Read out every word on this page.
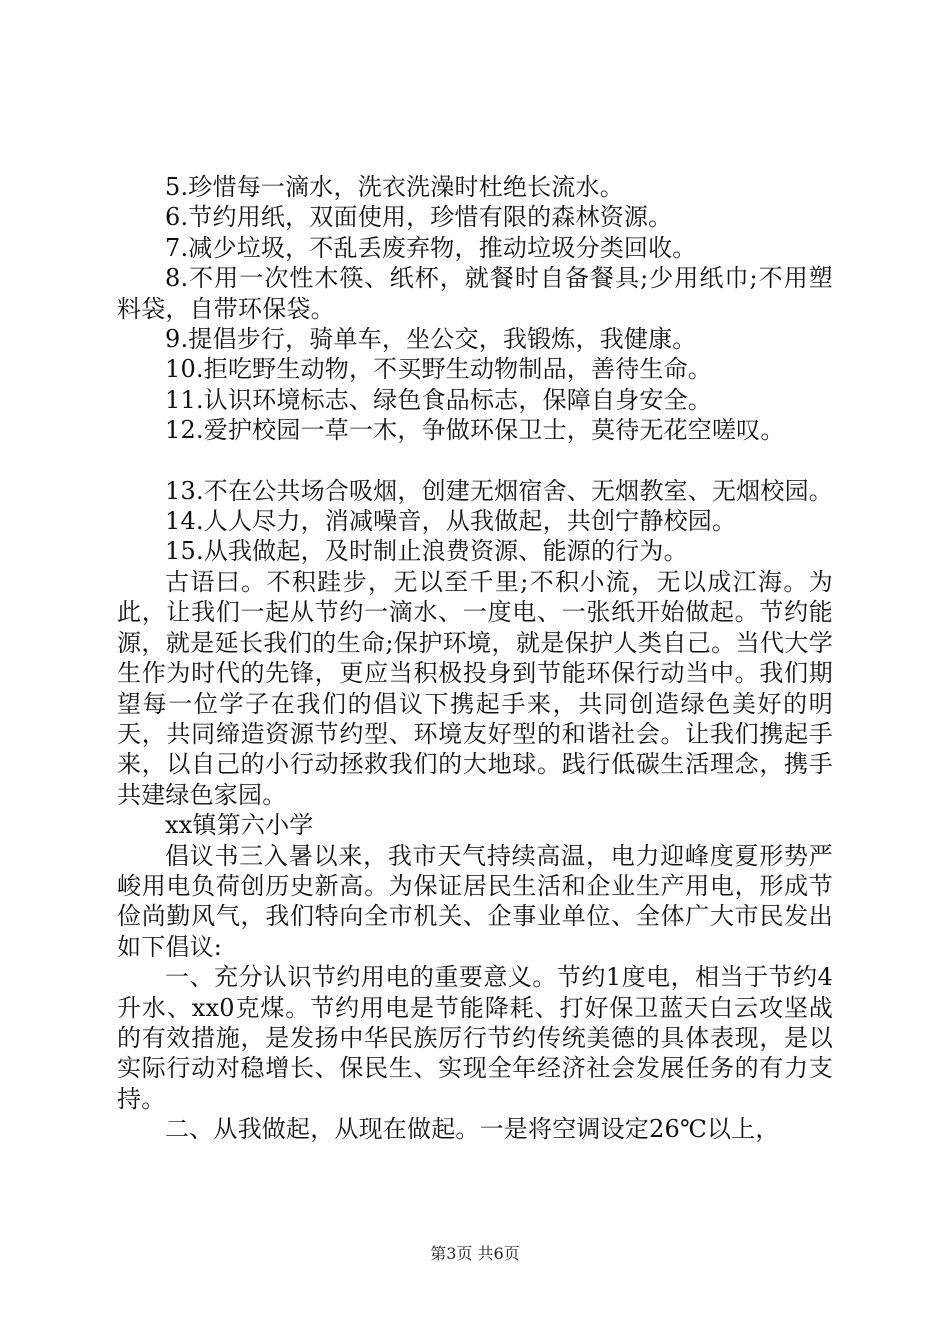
5.珍惜每一滴水，洗衣洗澡时杜绝长流水。

6.节约用纸，双面使用，珍惜有限的森林资源。

7.减少垃圾，不乱丢废弃物，推动垃圾分类回收。

8.不用一次性木筷、纸杯，就餐时自备餐具;少用纸巾;不用塑料袋，自带环保袋。

9.提倡步行，骑单车，坐公交，我锻炼，我健康。

10.拒吃野生动物，不买野生动物制品，善待生命。

11.认识环境标志、绿色食品标志，保障自身安全。

12.爱护校园一草一木，争做环保卫士，莫待无花空嗟叹。

13.不在公共场合吸烟，创建无烟宿舍、无烟教室、无烟校园。

14.人人尽力，消减噪音，从我做起，共创宁静校园。

15.从我做起，及时制止浪费资源、能源的行为。

古语曰。不积跬步，无以至千里;不积小流，无以成江海。为此，让我们一起从节约一滴水、一度电、一张纸开始做起。节约能源，就是延长我们的生命;保护环境，就是保护人类自己。当代大学生作为时代的先锋，更应当积极投身到节能环保行动当中。我们期望每一位学子在我们的倡议下携起手来，共同创造绿色美好的明天，共同缔造资源节约型、环境友好型的和谐社会。让我们携起手来，以自己的小行动拯救我们的大地球。践行低碳生活理念，携手共建绿色家园。

xx镇第六小学

倡议书三入暑以来，我市天气持续高温，电力迎峰度夏形势严峻用电负荷创历史新高。为保证居民生活和企业生产用电，形成节俭尚勤风气，我们特向全市机关、企事业单位、全体广大市民发出如下倡议:

一、充分认识节约用电的重要意义。节约1度电，相当于节约4升水、xx0克煤。节约用电是节能降耗、打好保卫蓝天白云攻坚战的有效措施，是发扬中华民族厉行节约传统美德的具体表现，是以实际行动对稳增长、保民生、实现全年经济社会发展任务的有力支持。

二、从我做起，从现在做起。一是将空调设定26℃以上，

第3页 共6页
